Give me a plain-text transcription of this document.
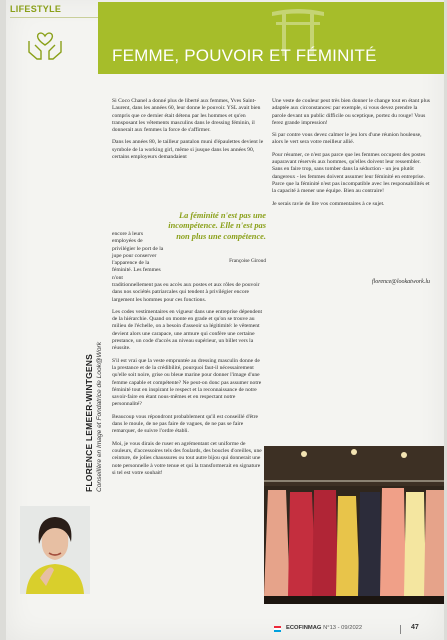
LIFESTYLE
FEMME, POUVOIR ET FÉMINITÉ

Si Coco Chanel a donné plus de liberté aux femmes, Yves Saint-Laurent, dans les années 60, leur donne le pouvoir. YSL avait bien compris que ce dernier était détenu par les hommes et qu'en transposant les vêtements masculins dans le dressing féminin, il donnerait aux femmes la force de s'affirmer.

Dans les années 80, le tailleur pantalon muni d'épaulettes devient le symbole de la working girl, même si jusque dans les années 90, certains employeurs demandaient

encore à leurs employées de privilégier le port de la jupe pour conserver l'apparence de la féminité. Les femmes n'ont
La féminité n'est pas une incompétence. Elle n'est pas non plus une compétence.
Françoise Giroud

traditionnellement pas eu accès aux postes et aux rôles de pouvoir dans nos sociétés patriarcales qui tendent à privilégier encore largement les hommes pour ces fonctions.

Les codes vestimentaires en vigueur dans une entreprise dépendent de la hiérarchie. Quand on monte en grade et qu'on se trouve au milieu de l'échelle, on a besoin d'asseoir sa légitimité: le vêtement devient alors une carapace, une armure qui confère une certaine prestance, un code d'accès au niveau supérieur, un billet vers la réussite.

S'il est vrai que la veste empruntée au dressing masculin donne de la prestance et de la crédibilité, pourquoi faut-il nécessairement qu'elle soit noire, grise ou bleue marine pour donner l'image d'une femme capable et compétente? Ne peut-on donc pas assumer notre féminité tout en inspirant le respect et la reconnaissance de notre savoir-faire en étant nous-mêmes et en respectant notre personnalité?

Beaucoup vous répondront probablement qu'il est conseillé d'être dans le moule, de ne pas faire de vagues, de ne pas se faire remarquer, de suivre l'ordre établi.

Moi, je vous dirais de ruser en agrémentant cet uniforme de couleurs, d'accessoires tels des foulards, des boucles d'oreilles, une ceinture, de jolies chaussures ou tout autre bijou qui donnerait une note personnelle à votre tenue et qui la transformerait en signature si tel est votre souhait!

Une veste de couleur peut très bien donner le change tout en étant plus adaptée aux circonstances: par exemple, si vous devez prendre la parole devant un public difficile ou sceptique, portez du rouge! Vous ferez grande impression!

Si par contre vous devez calmer le jeu lors d'une réunion houleuse, alors le vert sera votre meilleur allié.

Pour résumer, ce n'est pas parce que les femmes occupent des postes auparavant réservés aux hommes, qu'elles doivent leur ressembler. Sans en faire trop, sans tomber dans la séduction - un jeu plutôt dangereux - les femmes doivent assumer leur féminité en entreprise. Parce que la féminité n'est pas incompatible avec les responsabilités et la capacité à mener une équipe. Bien au contraire!

Je serais ravie de lire vos commentaires à ce sujet.

florence@lookatwork.lu
FLORENCE LEMEER-WINTGENS Conseillère en Image et Fondatrice de Look@Work
ECOFINMAG N°13 - 09/2022	47
